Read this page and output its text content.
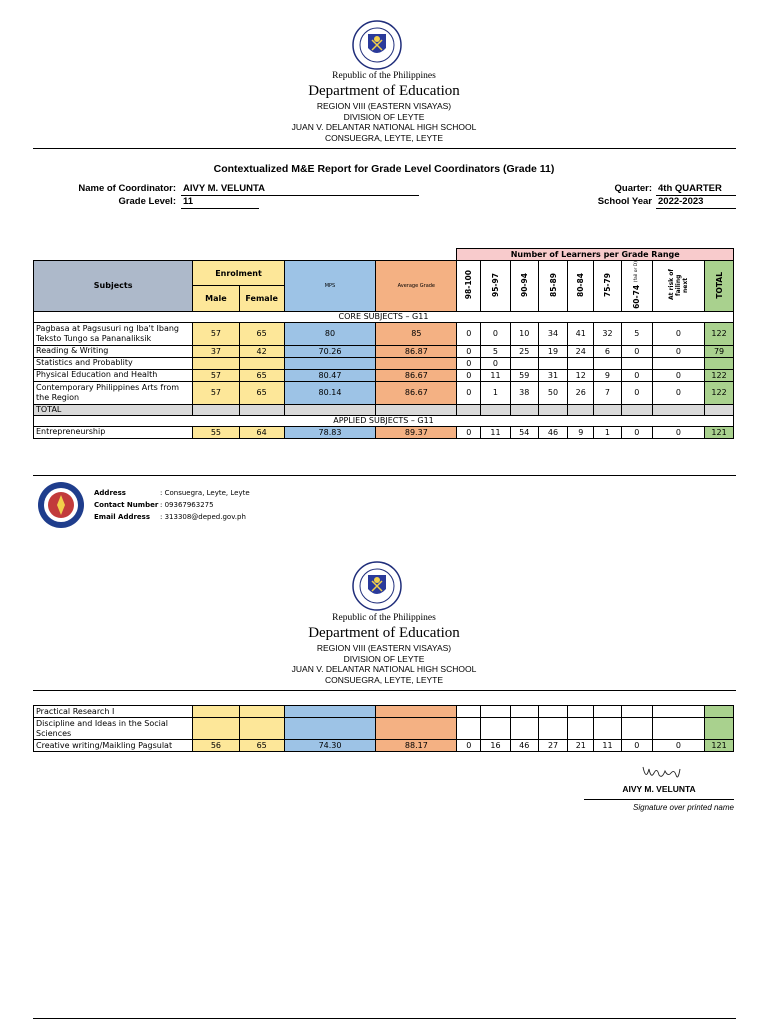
Republic of the Philippines
Department of Education
REGION VIII (EASTERN VISAYAS)
DIVISION OF LEYTE
JUAN V. DELANTAR NATIONAL HIGH SCHOOL
CONSUEGRA, LEYTE, LEYTE
Contextualized M&E Report for Grade Level Coordinators (Grade 11)
Name of Coordinator: AIVY M. VELUNTA
Grade Level: 11
Quarter: 4th QUARTER
School Year 2022-2023
					Number of Learners per Grade Range								
Subjects	Enrolment		MPS	Average Grade	98-100	95-97	90-94	85-89	80-84	75-79	60-74 (fail or D)	At risk of failing next	TOTAL
	Male	Female											
CORE SUBJECTS – G11													
Pagbasa at Pagsusuri ng Iba't Ibang Teksto Tungo sa Pananaliksik	57	65	80	85	0	0	10	34	41	32	5	0	122
Reading & Writing	37	42	70.26	86.87	0	5	25	19	24	6	0	0	79
Statistics and Probablity					0	0							
Physical Education and Health	57	65	80.47	86.67	0	11	59	31	12	9	0	0	122
Contemporary Philippines Arts from the Region	57	65	80.14	86.67	0	1	38	50	26	7	0	0	122
TOTAL													
APPLIED SUBJECTS – G11													
Entrepreneurship	55	64	78.83	89.37	0	11	54	46	9	1	0	0	121
Address	: Consuegra, Leyte, Leyte
Contact Number : 09367963275
Email Address : 313308@deped.gov.ph
Republic of the Philippines
Department of Education
REGION VIII (EASTERN VISAYAS)
DIVISION OF LEYTE
JUAN V. DELANTAR NATIONAL HIGH SCHOOL
CONSUEGRA, LEYTE, LEYTE
Practical Research I													
Discipline and Ideas in the Social Sciences													
Creative writing/Maikling Pagsulat	56	65	74.30	88.17	0	16	46	27	21	11	0	0	121
AIVY M. VELUNTA
Signature over printed name
